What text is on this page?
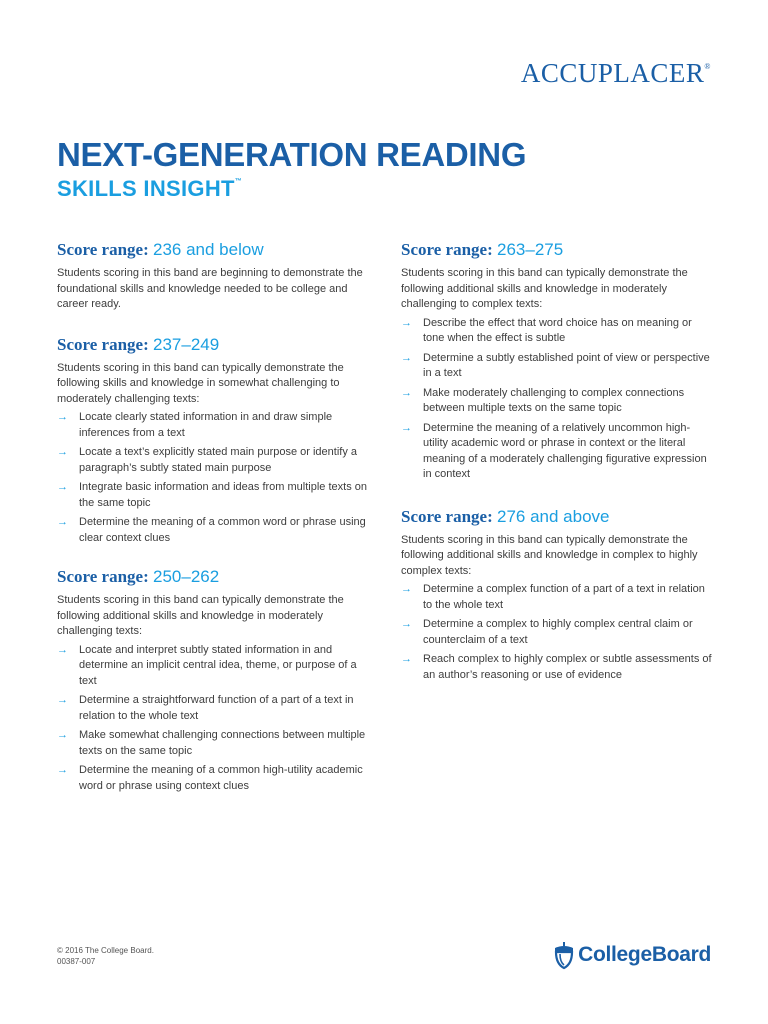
ACCUPLACER®
NEXT-GENERATION READING
SKILLS INSIGHT™
Score range: 236 and below

Students scoring in this band are beginning to demonstrate the foundational skills and knowledge needed to be college and career ready.

Score range: 237–249

Students scoring in this band can typically demonstrate the following skills and knowledge in somewhat challenging to moderately challenging texts:

→ Locate clearly stated information in and draw simple inferences from a text
→ Locate a text’s explicitly stated main purpose or identify a paragraph’s subtly stated main purpose
→ Integrate basic information and ideas from multiple texts on the same topic
→ Determine the meaning of a common word or phrase using clear context clues
Score range: 250–262

Students scoring in this band can typically demonstrate the following additional skills and knowledge in moderately challenging texts:

→ Locate and interpret subtly stated information in and determine an implicit central idea, theme, or purpose of a text
→ Determine a straightforward function of a part of a text in relation to the whole text
→ Make somewhat challenging connections between multiple texts on the same topic
→ Determine the meaning of a common high-utility academic word or phrase using context clues
Score range: 263–275

Students scoring in this band can typically demonstrate the following additional skills and knowledge in moderately challenging to complex texts:

→ Describe the effect that word choice has on meaning or tone when the effect is subtle
→ Determine a subtly established point of view or perspective in a text
→ Make moderately challenging to complex connections between multiple texts on the same topic
→ Determine the meaning of a relatively uncommon high-utility academic word or phrase in context or the literal meaning of a moderately challenging figurative expression in context
Score range: 276 and above

Students scoring in this band can typically demonstrate the following additional skills and knowledge in complex to highly complex texts:

→ Determine a complex function of a part of a text in relation to the whole text
→ Determine a complex to highly complex central claim or counterclaim of a text
→ Reach complex to highly complex or subtle assessments of an author’s reasoning or use of evidence
© 2016 The College Board.
00387-007	CollegeBoard
